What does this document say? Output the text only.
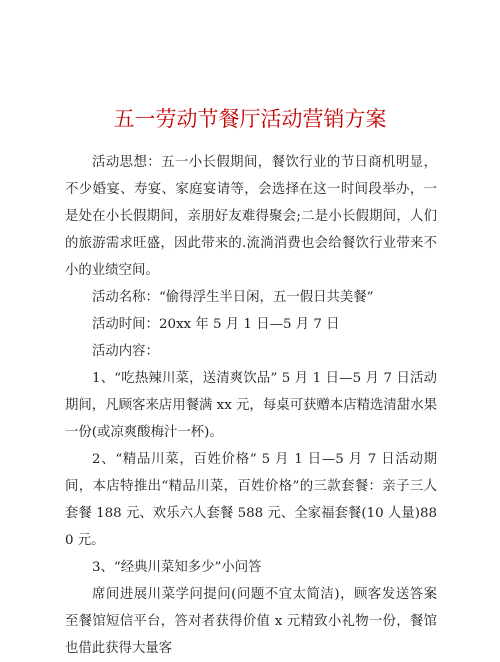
五一劳动节餐厅活动营销方案

活动思想：五一小长假期间，餐饮行业的节日商机明显，不少婚宴、寿宴、家庭宴请等，会选择在这一时间段举办，一是处在小长假期间，亲朋好友难得聚会;二是小长假期间，人们的旅游需求旺盛，因此带来的.流淌消费也会给餐饮行业带来不小的业绩空间。

活动名称：“偷得浮生半日闲，五一假日共美餐”

活动时间：20xx 年 5 月 1 日—5 月 7 日

活动内容：

1、“吃热辣川菜，送清爽饮品” 5 月 1 日—5 月 7 日活动期间，凡顾客来店用餐满 xx 元，每桌可获赠本店精选清甜水果一份(或凉爽酸梅汁一杯)。

2、“精品川菜，百姓价格” 5 月 1 日—5 月 7 日活动期间，本店特推出“精品川菜，百姓价格”的三款套餐：亲子三人套餐 188 元、欢乐六人套餐 588 元、全家福套餐(10 人量)880 元。

3、“经典川菜知多少”小问答

席间进展川菜学问提问(问题不宜太简洁)，顾客发送答案至餐馆短信平台，答对者获得价值 x 元精致小礼物一份，餐馆也借此获得大量客
